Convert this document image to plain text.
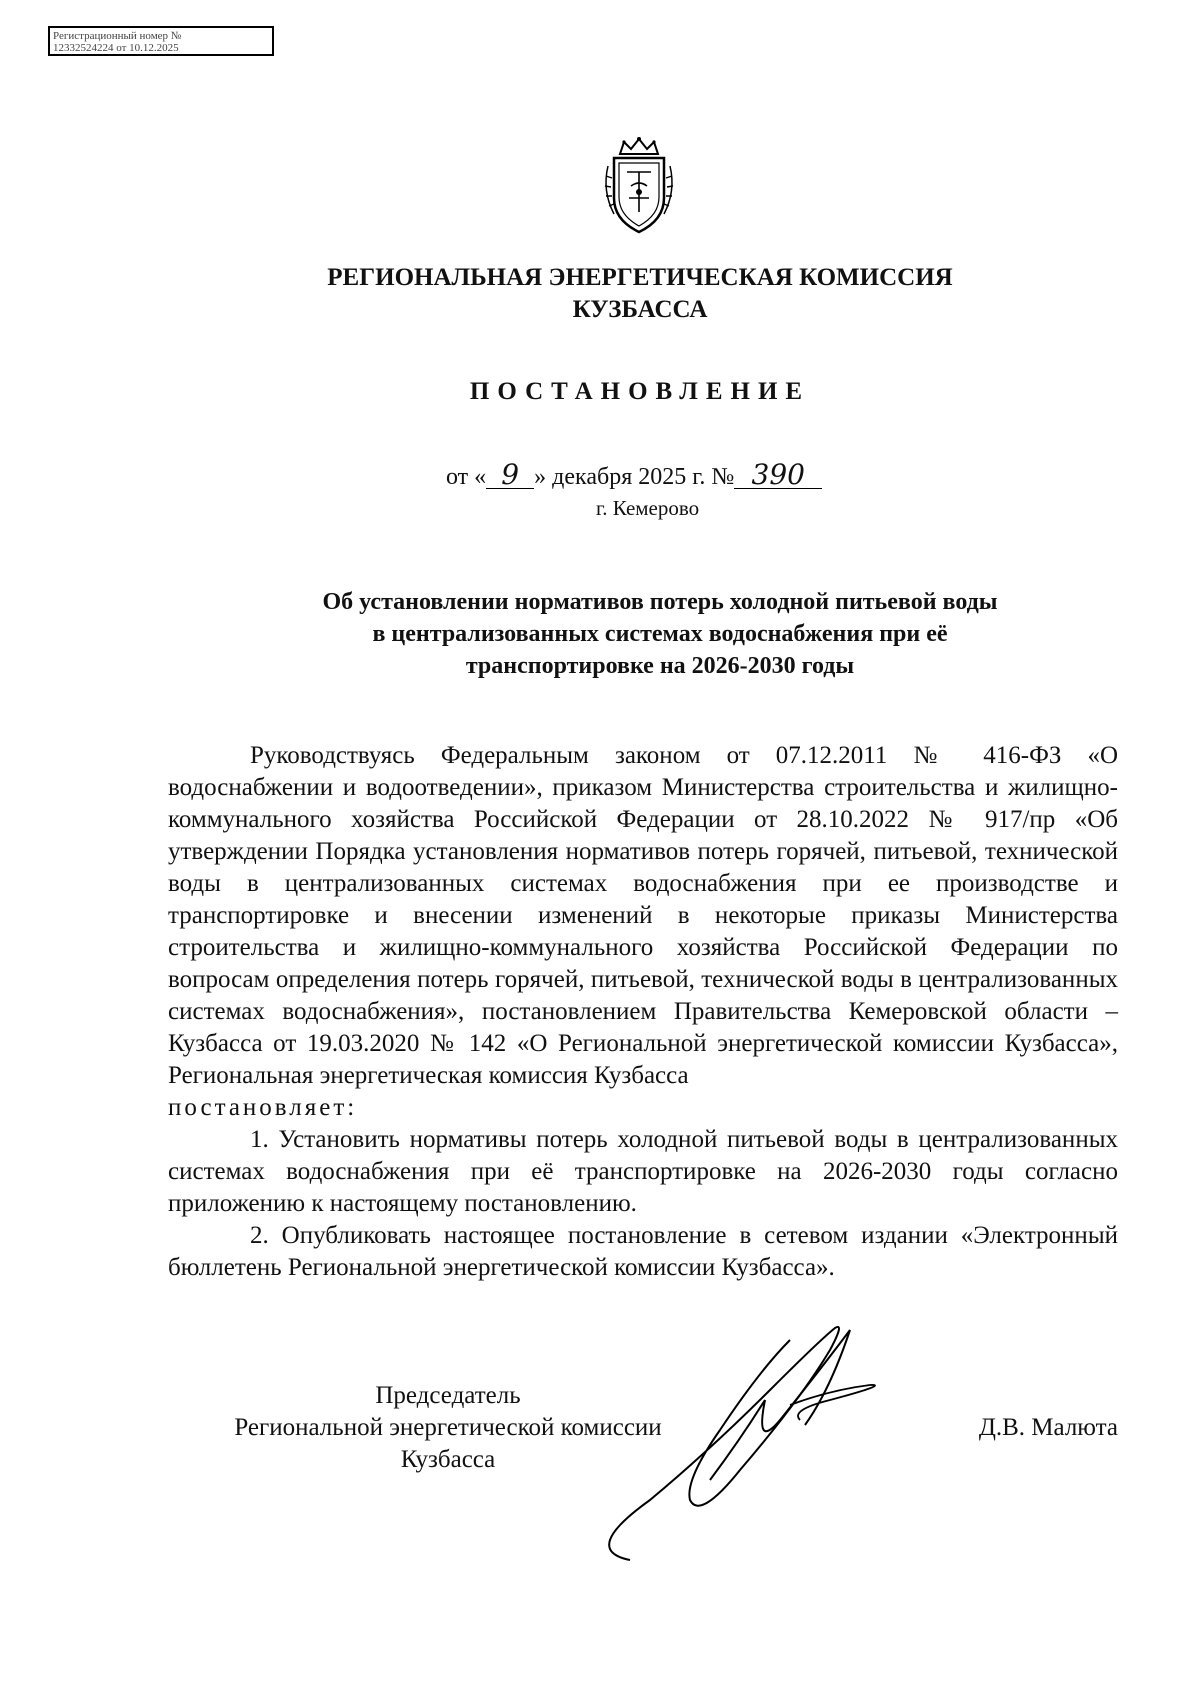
Регистрационный номер №
12332524224 от 10.12.2025
РЕГИОНАЛЬНАЯ ЭНЕРГЕТИЧЕСКАЯ КОМИССИЯ
КУЗБАССА
ПОСТАНОВЛЕНИЕ
от « 9 » декабря 2025 г. № 390
г. Кемерово
Об установлении нормативов потерь холодной питьевой воды
в централизованных системах водоснабжения при её
транспортировке на 2026-2030 годы

Руководствуясь Федеральным законом от 07.12.2011 № 416-ФЗ «О водоснабжении и водоотведении», приказом Министерства строительства и жилищно-коммунального хозяйства Российской Федерации от 28.10.2022 № 917/пр «Об утверждении Порядка установления нормативов потерь горячей, питьевой, технической воды в централизованных системах водоснабжения при ее производстве и транспортировке и внесении изменений в некоторые приказы Министерства строительства и жилищно-коммунального хозяйства Российской Федерации по вопросам определения потерь горячей, питьевой, технической воды в централизованных системах водоснабжения», постановлением Правительства Кемеровской области – Кузбасса от 19.03.2020 № 142 «О Региональной энергетической комиссии Кузбасса», Региональная энергетическая комиссия Кузбасса

постановляет:

1. Установить нормативы потерь холодной питьевой воды в централизованных системах водоснабжения при её транспортировке на 2026-2030 годы согласно приложению к настоящему постановлению.

2. Опубликовать настоящее постановление в сетевом издании «Электронный бюллетень Региональной энергетической комиссии Кузбасса».

Председатель
Региональной энергетической комиссии
Кузбасса
Д.В. Малюта
